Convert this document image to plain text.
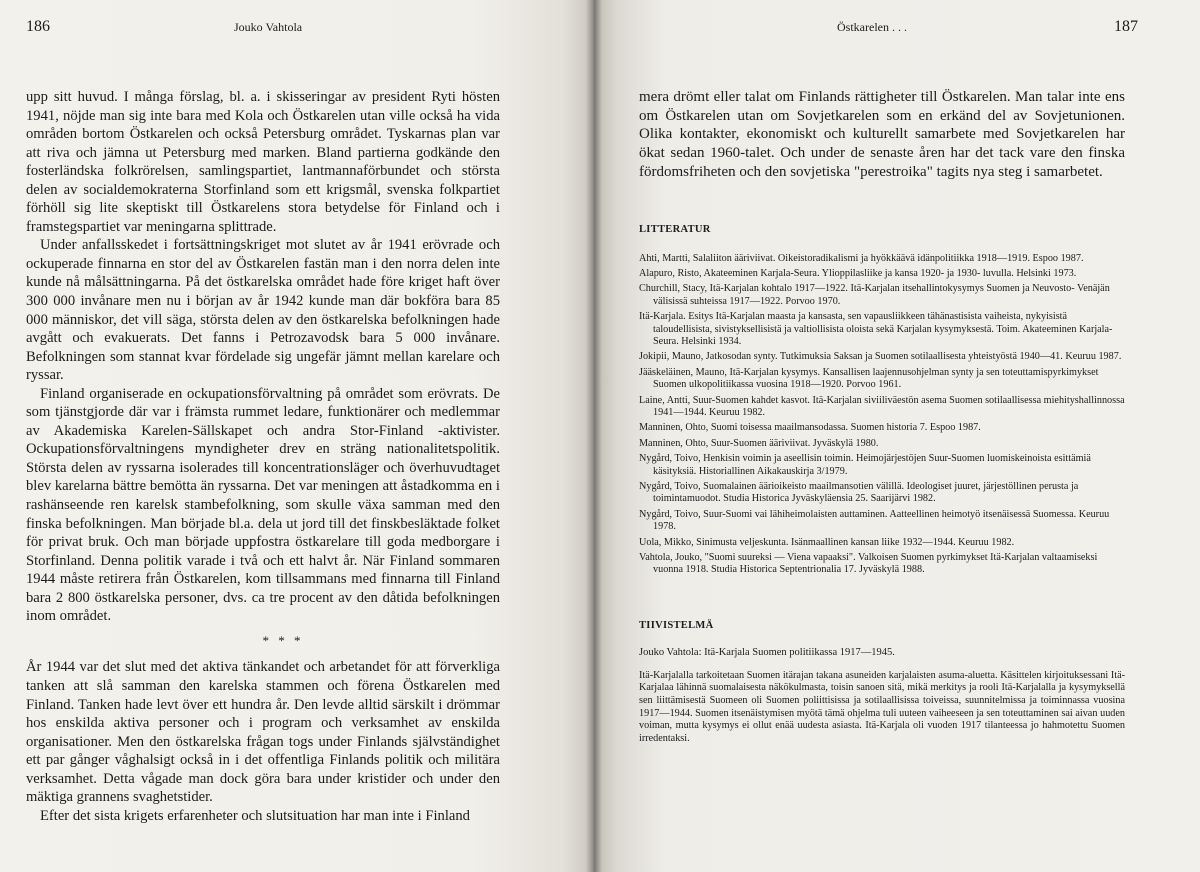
186	Jouko Vahtola

upp sitt huvud. I många förslag, bl. a. i skisseringar av president Ryti hösten 1941, nöjde man sig inte bara med Kola och Östkarelen utan ville också ha vida områden bortom Östkarelen och också Petersburg området. Tyskarnas plan var att riva och jämna ut Petersburg med marken. Bland partierna godkände den fosterländska folkrörelsen, samlingspartiet, lantmannaförbundet och största delen av socialdemokraterna Storfinland som ett krigsmål, svenska folkpartiet förhöll sig lite skeptiskt till Östkarelens stora betydelse för Finland och i framstegspartiet var meningarna splittrade.

Under anfallsskedet i fortsättningskriget mot slutet av år 1941 erövrade och ockuperade finnarna en stor del av Östkarelen fastän man i den norra delen inte kunde nå målsättningarna. På det östkarelska området hade före kriget haft över 300 000 invånare men nu i början av år 1942 kunde man där bokföra bara 85 000 människor, det vill säga, största delen av den östkarelska befolkningen hade avgått och evakuerats. Det fanns i Petrozavodsk bara 5 000 invånare. Befolkningen som stannat kvar fördelade sig ungefär jämnt mellan karelare och ryssar.

Finland organiserade en ockupationsförvaltning på området som erövrats. De som tjänstgjorde där var i främsta rummet ledare, funktionärer och medlemmar av Akademiska Karelen-Sällskapet och andra Stor-Finland -aktivister. Ockupationsförvaltningens myndigheter drev en sträng nationalitetspolitik. Största delen av ryssarna isolerades till koncentrationsläger och överhuvudtaget blev karelarna bättre bemötta än ryssarna. Det var meningen att åstadkomma en i rashänseende ren karelsk stambefolkning, som skulle växa samman med den finska befolkningen. Man började bl.a. dela ut jord till det finskbesläktade folket för privat bruk. Och man började uppfostra östkarelare till goda medborgare i Storfinland. Denna politik varade i två och ett halvt år. När Finland sommaren 1944 måste retirera från Östkarelen, kom tillsammans med finnarna till Finland bara 2 800 östkarelska personer, dvs. ca tre procent av den dåtida befolkningen inom området.

* * *

År 1944 var det slut med det aktiva tänkandet och arbetandet för att förverkliga tanken att slå samman den karelska stammen och förena Östkarelen med Finland. Tanken hade levt över ett hundra år. Den levde alltid särskilt i drömmar hos enskilda aktiva personer och i program och verksamhet av enskilda organisationer. Men den östkarelska frågan togs under Finlands självständighet ett par gånger våghalsigt också in i det offentliga Finlands politik och militära verksamhet. Detta vågade man dock göra bara under kristider och under den mäktiga grannens svaghetstider.

Efter det sista krigets erfarenheter och slutsituation har man inte i Finland

Östkarelen . . .	187

mera drömt eller talat om Finlands rättigheter till Östkarelen. Man talar inte ens om Östkarelen utan om Sovjetkarelen som en erkänd del av Sovjetunionen. Olika kontakter, ekonomiskt och kulturellt samarbete med Sovjetkarelen har ökat sedan 1960-talet. Och under de senaste åren har det tack vare den finska fördomsfriheten och den sovjetiska "perestroika" tagits nya steg i samarbetet.

LITTERATUR

Ahti, Martti, Salaliiton ääriviivat. Oikeistoradikalismi ja hyökkäävä idänpolitiikka 1918—1919. Espoo 1987.
Alapuro, Risto, Akateeminen Karjala-Seura. Ylioppilasliike ja kansa 1920- ja 1930- luvulla. Helsinki 1973.
Churchill, Stacy, Itä-Karjalan kohtalo 1917—1922. Itä-Karjalan itsehallintokysymys Suomen ja Neuvosto- Venäjän välisissä suhteissa 1917—1922. Porvoo 1970.
Itä-Karjala. Esitys Itä-Karjalan maasta ja kansasta, sen vapausliikkeen tähänastisista vaiheista, nykyisistä taloudellisista, sivistyksellisistä ja valtiollisista oloista sekä Karjalan kysymyksestä. Toim. Akateeminen Karjala-Seura. Helsinki 1934.
Jokipii, Mauno, Jatkosodan synty. Tutkimuksia Saksan ja Suomen sotilaallisesta yhteistyöstä 1940—41. Keuruu 1987.
Jääskeläinen, Mauno, Itä-Karjalan kysymys. Kansallisen laajennusohjelman synty ja sen toteuttamispyrkimykset Suomen ulkopolitiikassa vuosina 1918—1920. Porvoo 1961.
Laine, Antti, Suur-Suomen kahdet kasvot. Itä-Karjalan siviiliväestön asema Suomen sotilaallisessa miehityshallinnossa 1941—1944. Keuruu 1982.
Manninen, Ohto, Suomi toisessa maailmansodassa. Suomen historia 7. Espoo 1987.
Manninen, Ohto, Suur-Suomen ääriviivat. Jyväskylä 1980.
Nygård, Toivo, Henkisin voimin ja aseellisin toimin. Heimojärjestöjen Suur-Suomen luomiskeinoista esittämiä käsityksiä. Historiallinen Aikakauskirja 3/1979.
Nygård, Toivo, Suomalainen äärioikeisto maailmansotien välillä. Ideologiset juuret, järjestöllinen perusta ja toimintamuodot. Studia Historica Jyväskyläensia 25. Saarijärvi 1982.
Nygård, Toivo, Suur-Suomi vai lähiheimolaisten auttaminen. Aatteellinen heimotyö itsenäisessä Suomessa. Keuruu 1978.
Uola, Mikko, Sinimusta veljeskunta. Isänmaallinen kansan liike 1932—1944. Keuruu 1982.
Vahtola, Jouko, "Suomi suureksi — Viena vapaaksi". Valkoisen Suomen pyrkimykset Itä-Karjalan valtaamiseksi vuonna 1918. Studia Historica Septentrionalia 17. Jyväskylä 1988.

TIIVISTELMÄ

Jouko Vahtola: Itä-Karjala Suomen politiikassa 1917—1945.

Itä-Karjalalla tarkoitetaan Suomen itärajan takana asuneiden karjalaisten asuma-aluetta. Käsittelen kirjoituksessani Itä-Karjalaa lähinnä suomalaisesta näkökulmasta, toisin sanoen sitä, mikä merkitys ja rooli Itä-Karjalalla ja kysymyksellä sen liittämisestä Suomeen oli Suomen poliittisissa ja sotilaallisissa toiveissa, suunnitelmissa ja toiminnassa vuosina 1917—1944. Suomen itsenäistymisen myötä tämä ohjelma tuli uuteen vaiheeseen ja sen toteuttaminen sai aivan uuden voiman, mutta kysymys ei ollut enää uudesta asiasta. Itä-Karjala oli vuoden 1917 tilanteessa jo hahmotettu Suomen irredentaksi.
